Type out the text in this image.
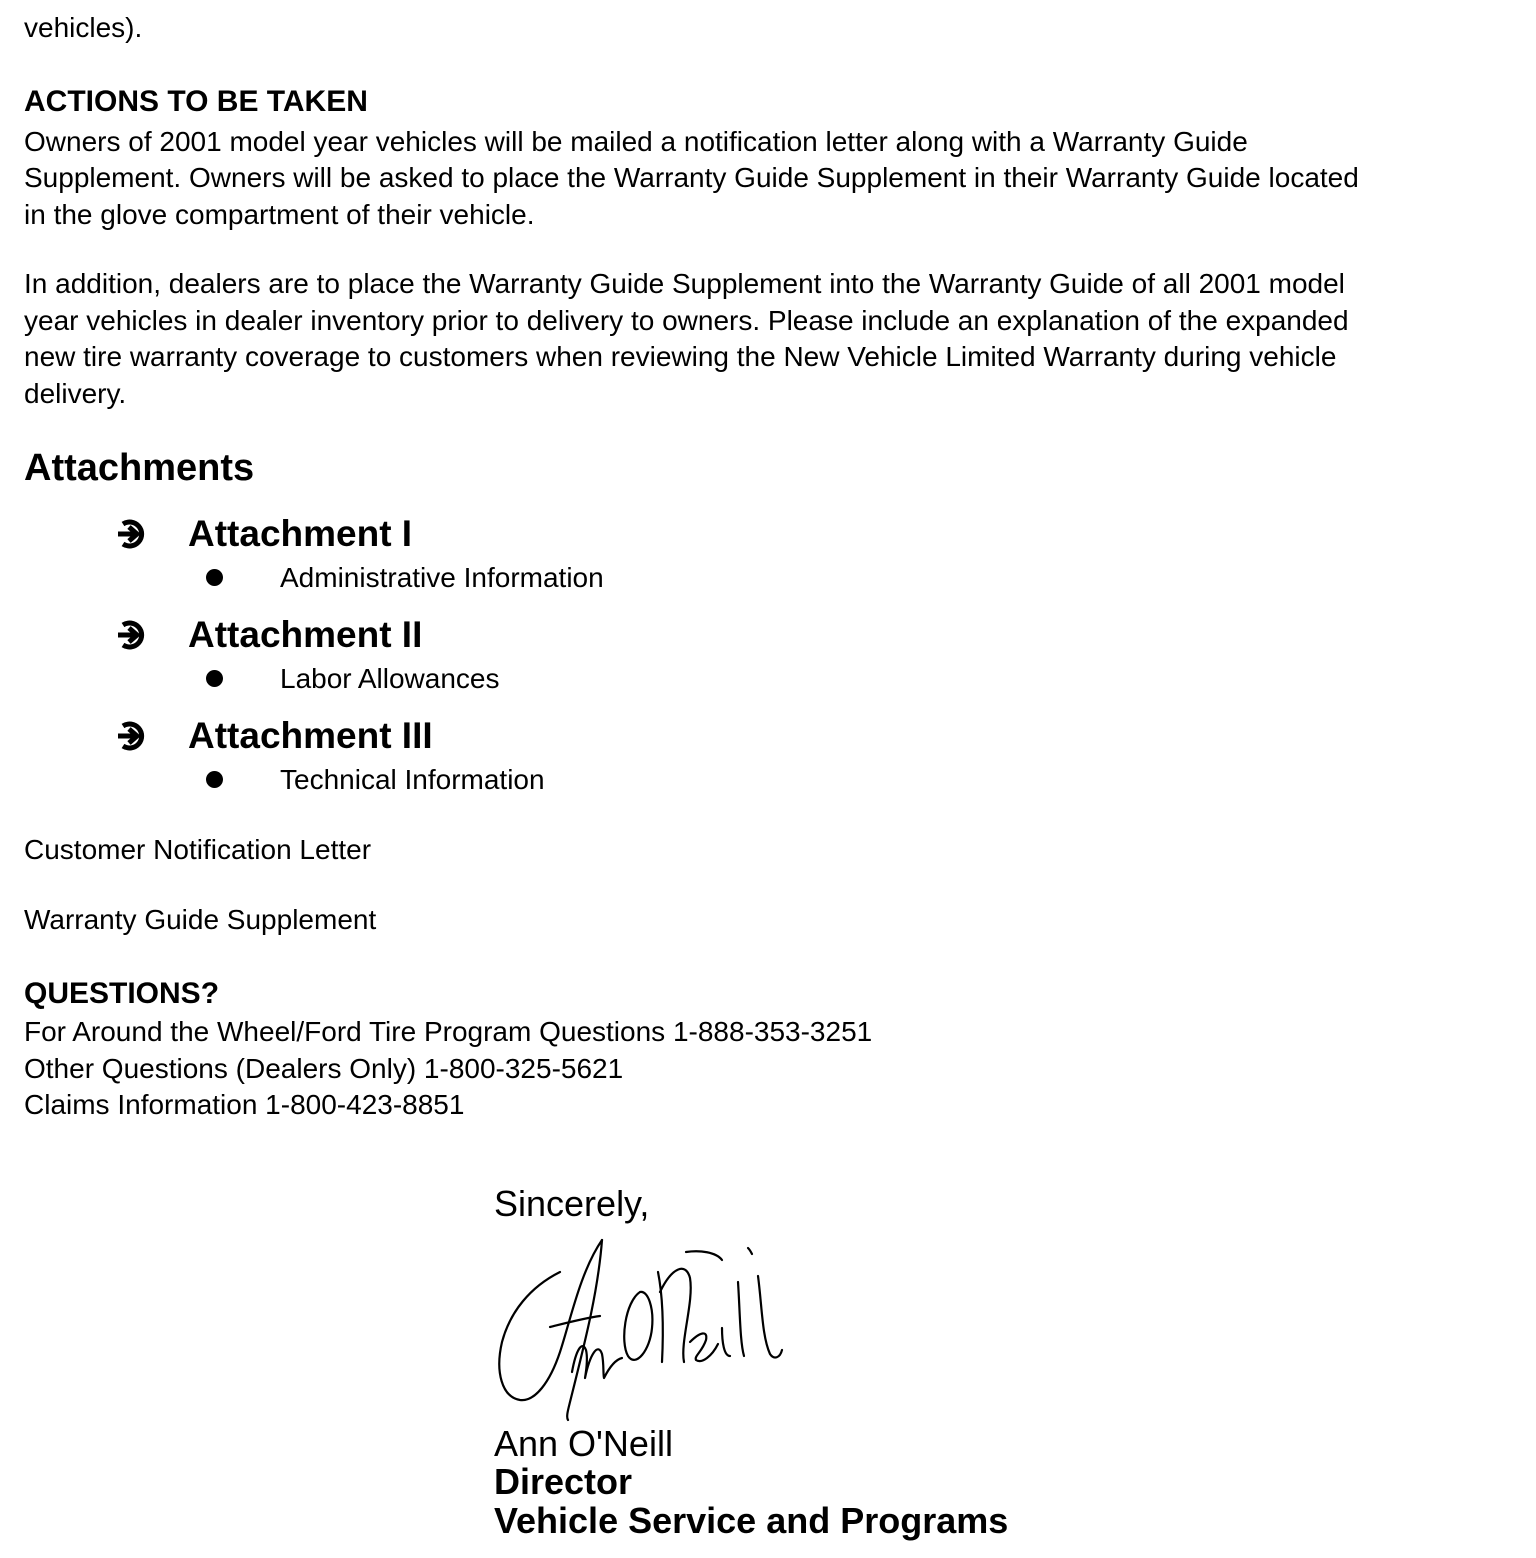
vehicles).
ACTIONS TO BE TAKEN
Owners of 2001 model year vehicles will be mailed a notification letter along with a Warranty Guide
Supplement. Owners will be asked to place the Warranty Guide Supplement in their Warranty Guide located
in the glove compartment of their vehicle.
In addition, dealers are to place the Warranty Guide Supplement into the Warranty Guide of all 2001 model
year vehicles in dealer inventory prior to delivery to owners. Please include an explanation of the expanded
new tire warranty coverage to customers when reviewing the New Vehicle Limited Warranty during vehicle
delivery.
Attachments
Attachment I
Administrative Information
Attachment II
Labor Allowances
Attachment III
Technical Information
Customer Notification Letter
Warranty Guide Supplement
QUESTIONS?
For Around the Wheel/Ford Tire Program Questions 1-888-353-3251
Other Questions (Dealers Only) 1-800-325-5621
Claims Information 1-800-423-8851
Sincerely,
Ann O'Neill
Director
Vehicle Service and Programs
